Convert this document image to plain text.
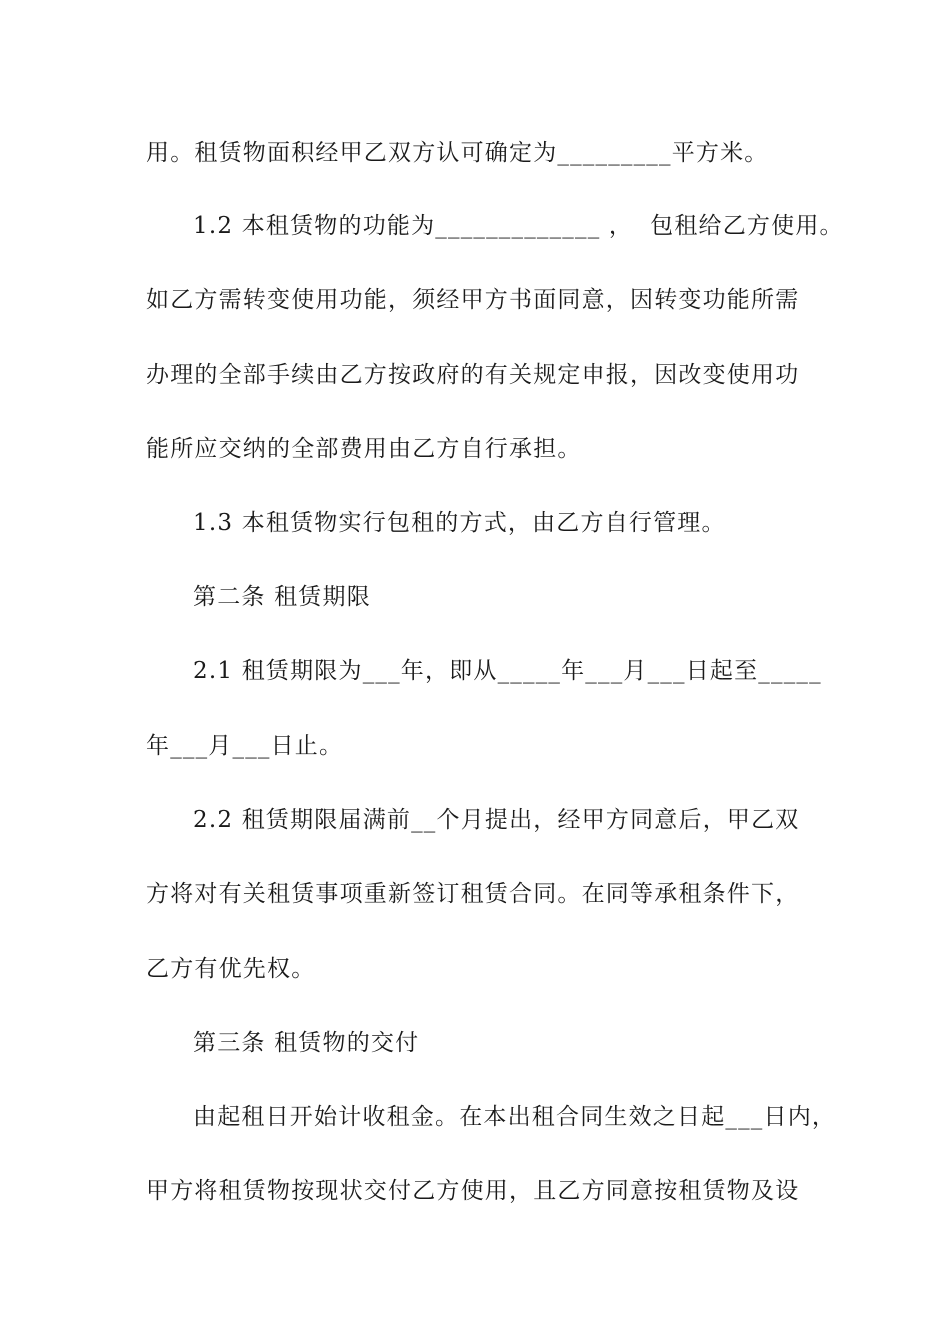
用。租赁物面积经甲乙双方认可确定为_________平方米。
1.2 本租赁物的功能为_____________ ，  包租给乙方使用。
如乙方需转变使用功能，须经甲方书面同意，因转变功能所需
办理的全部手续由乙方按政府的有关规定申报，因改变使用功
能所应交纳的全部费用由乙方自行承担。
1.3 本租赁物实行包租的方式，由乙方自行管理。
第二条 租赁期限
2.1 租赁期限为___年，即从_____年___月___日起至_____
年___月___日止。
2.2 租赁期限届满前__个月提出，经甲方同意后，甲乙双
方将对有关租赁事项重新签订租赁合同。在同等承租条件下，
乙方有优先权。
第三条 租赁物的交付
由起租日开始计收租金。在本出租合同生效之日起___日内，
甲方将租赁物按现状交付乙方使用，且乙方同意按租赁物及设
